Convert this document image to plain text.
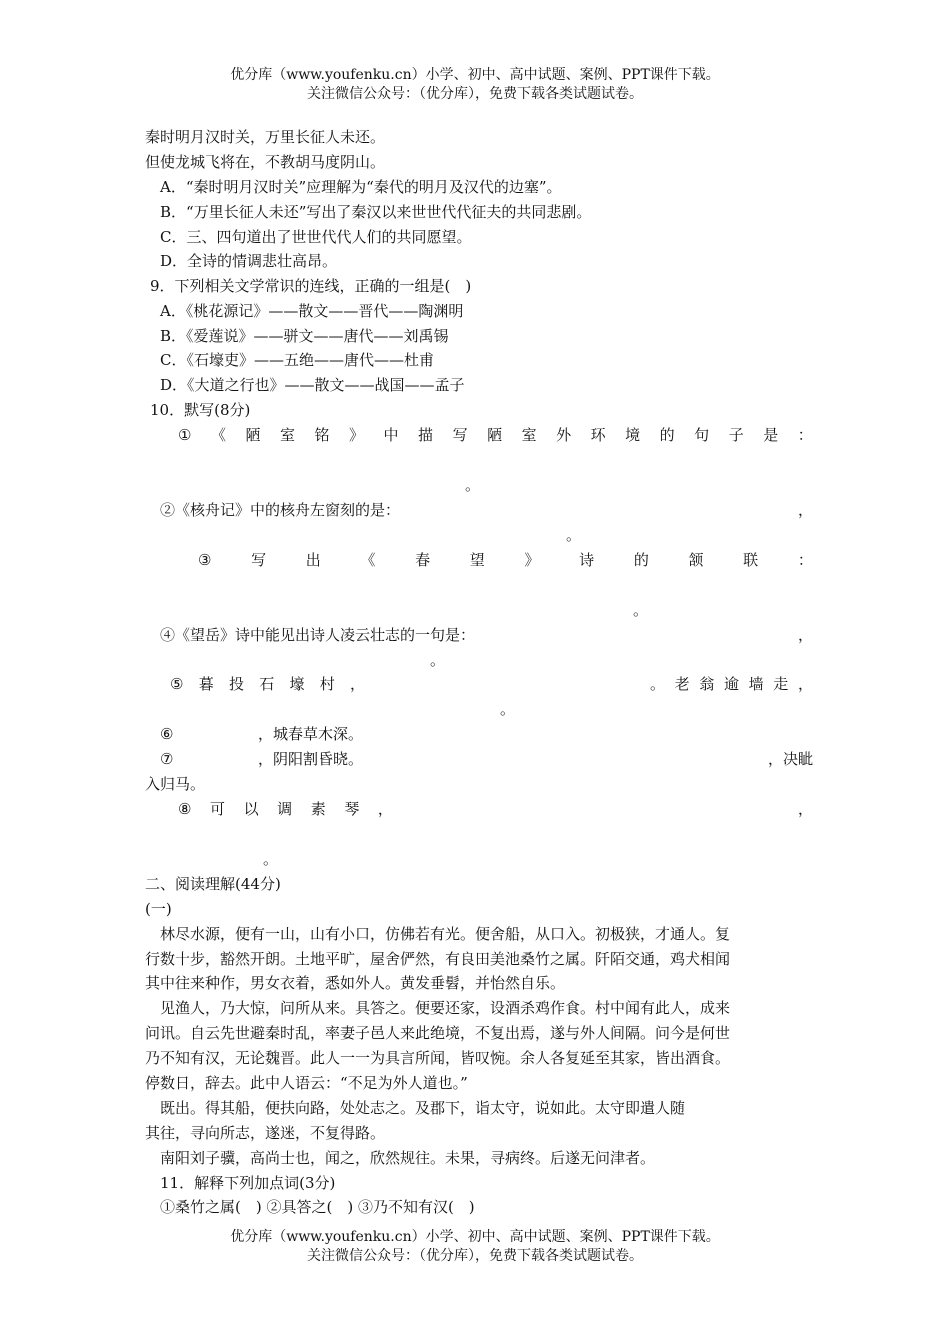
优分库（www.youfenku.cn）小学、初中、高中试题、案例、PPT课件下载。
关注微信公众号：（优分库），免费下载各类试题试卷。
秦时明月汉时关，万里长征人未还。
但使龙城飞将在，不教胡马度阴山。
A．“秦时明月汉时关”应理解为“秦代的明月及汉代的边塞”。
B．“万里长征人未还”写出了秦汉以来世世代代征夫的共同悲剧。
C．三、四句道出了世世代代人们的共同愿望。
D．全诗的情调悲壮高昂。
9．下列相关文学常识的连线，正确的一组是(　)
A．《桃花源记》——散文——晋代——陶渊明
B．《爱莲说》——骈文——唐代——刘禹锡
C．《石壕吏》——五绝——唐代——杜甫
D．《大道之行也》——散文——战国——孟子
10．默写(8分)
① 《 陋 室 铭 》 中 描 写 陋 室 外 环 境 的 句 子 是 ：
。
②《核舟记》中的核舟左窗刻的是：	，
。
③	写	出	《	春	望	》	诗	的	颔	联	：
。
④《望岳》诗中能见出诗人凌云壮志的一句是：	，
。
⑤ 暮 投 石 壕 村 ，	。 老 翁 逾 墙 走 ，
。
⑥	，城春草木深。
⑦	，阴阳割昏晓。	，决眦
入归马。
⑧ 可 以 调 素 琴 ，	，
。
二、阅读理解(44分)
(一)
林尽水源，便有一山，山有小口，仿佛若有光。便舍船，从口入。初极狭，才通人。复
行数十步，豁然开朗。土地平旷，屋舍俨然，有良田美池桑竹之属。阡陌交通，鸡犬相闻
其中往来种作，男女衣着，悉如外人。黄发垂髫，并怡然自乐。
见渔人，乃大惊，问所从来。具答之。便要还家，设酒杀鸡作食。村中闻有此人，成来
问讯。自云先世避秦时乱，率妻子邑人来此绝境，不复出焉，遂与外人间隔。问今是何世
乃不知有汉，无论魏晋。此人一一为具言所闻，皆叹惋。余人各复延至其家，皆出酒食。
停数日，辞去。此中人语云：“不足为外人道也。”
既出。得其船，便扶向路，处处志之。及郡下，诣太守，说如此。太守即遣人随
其往，寻向所志，遂迷，不复得路。
南阳刘子骥，高尚士也，闻之，欣然规往。未果，寻病终。后遂无问津者。
11．解释下列加点词(3分)
①桑竹之属(　) ②具答之(　) ③乃不知有汉(　)
优分库（www.youfenku.cn）小学、初中、高中试题、案例、PPT课件下载。
关注微信公众号：（优分库），免费下载各类试题试卷。
